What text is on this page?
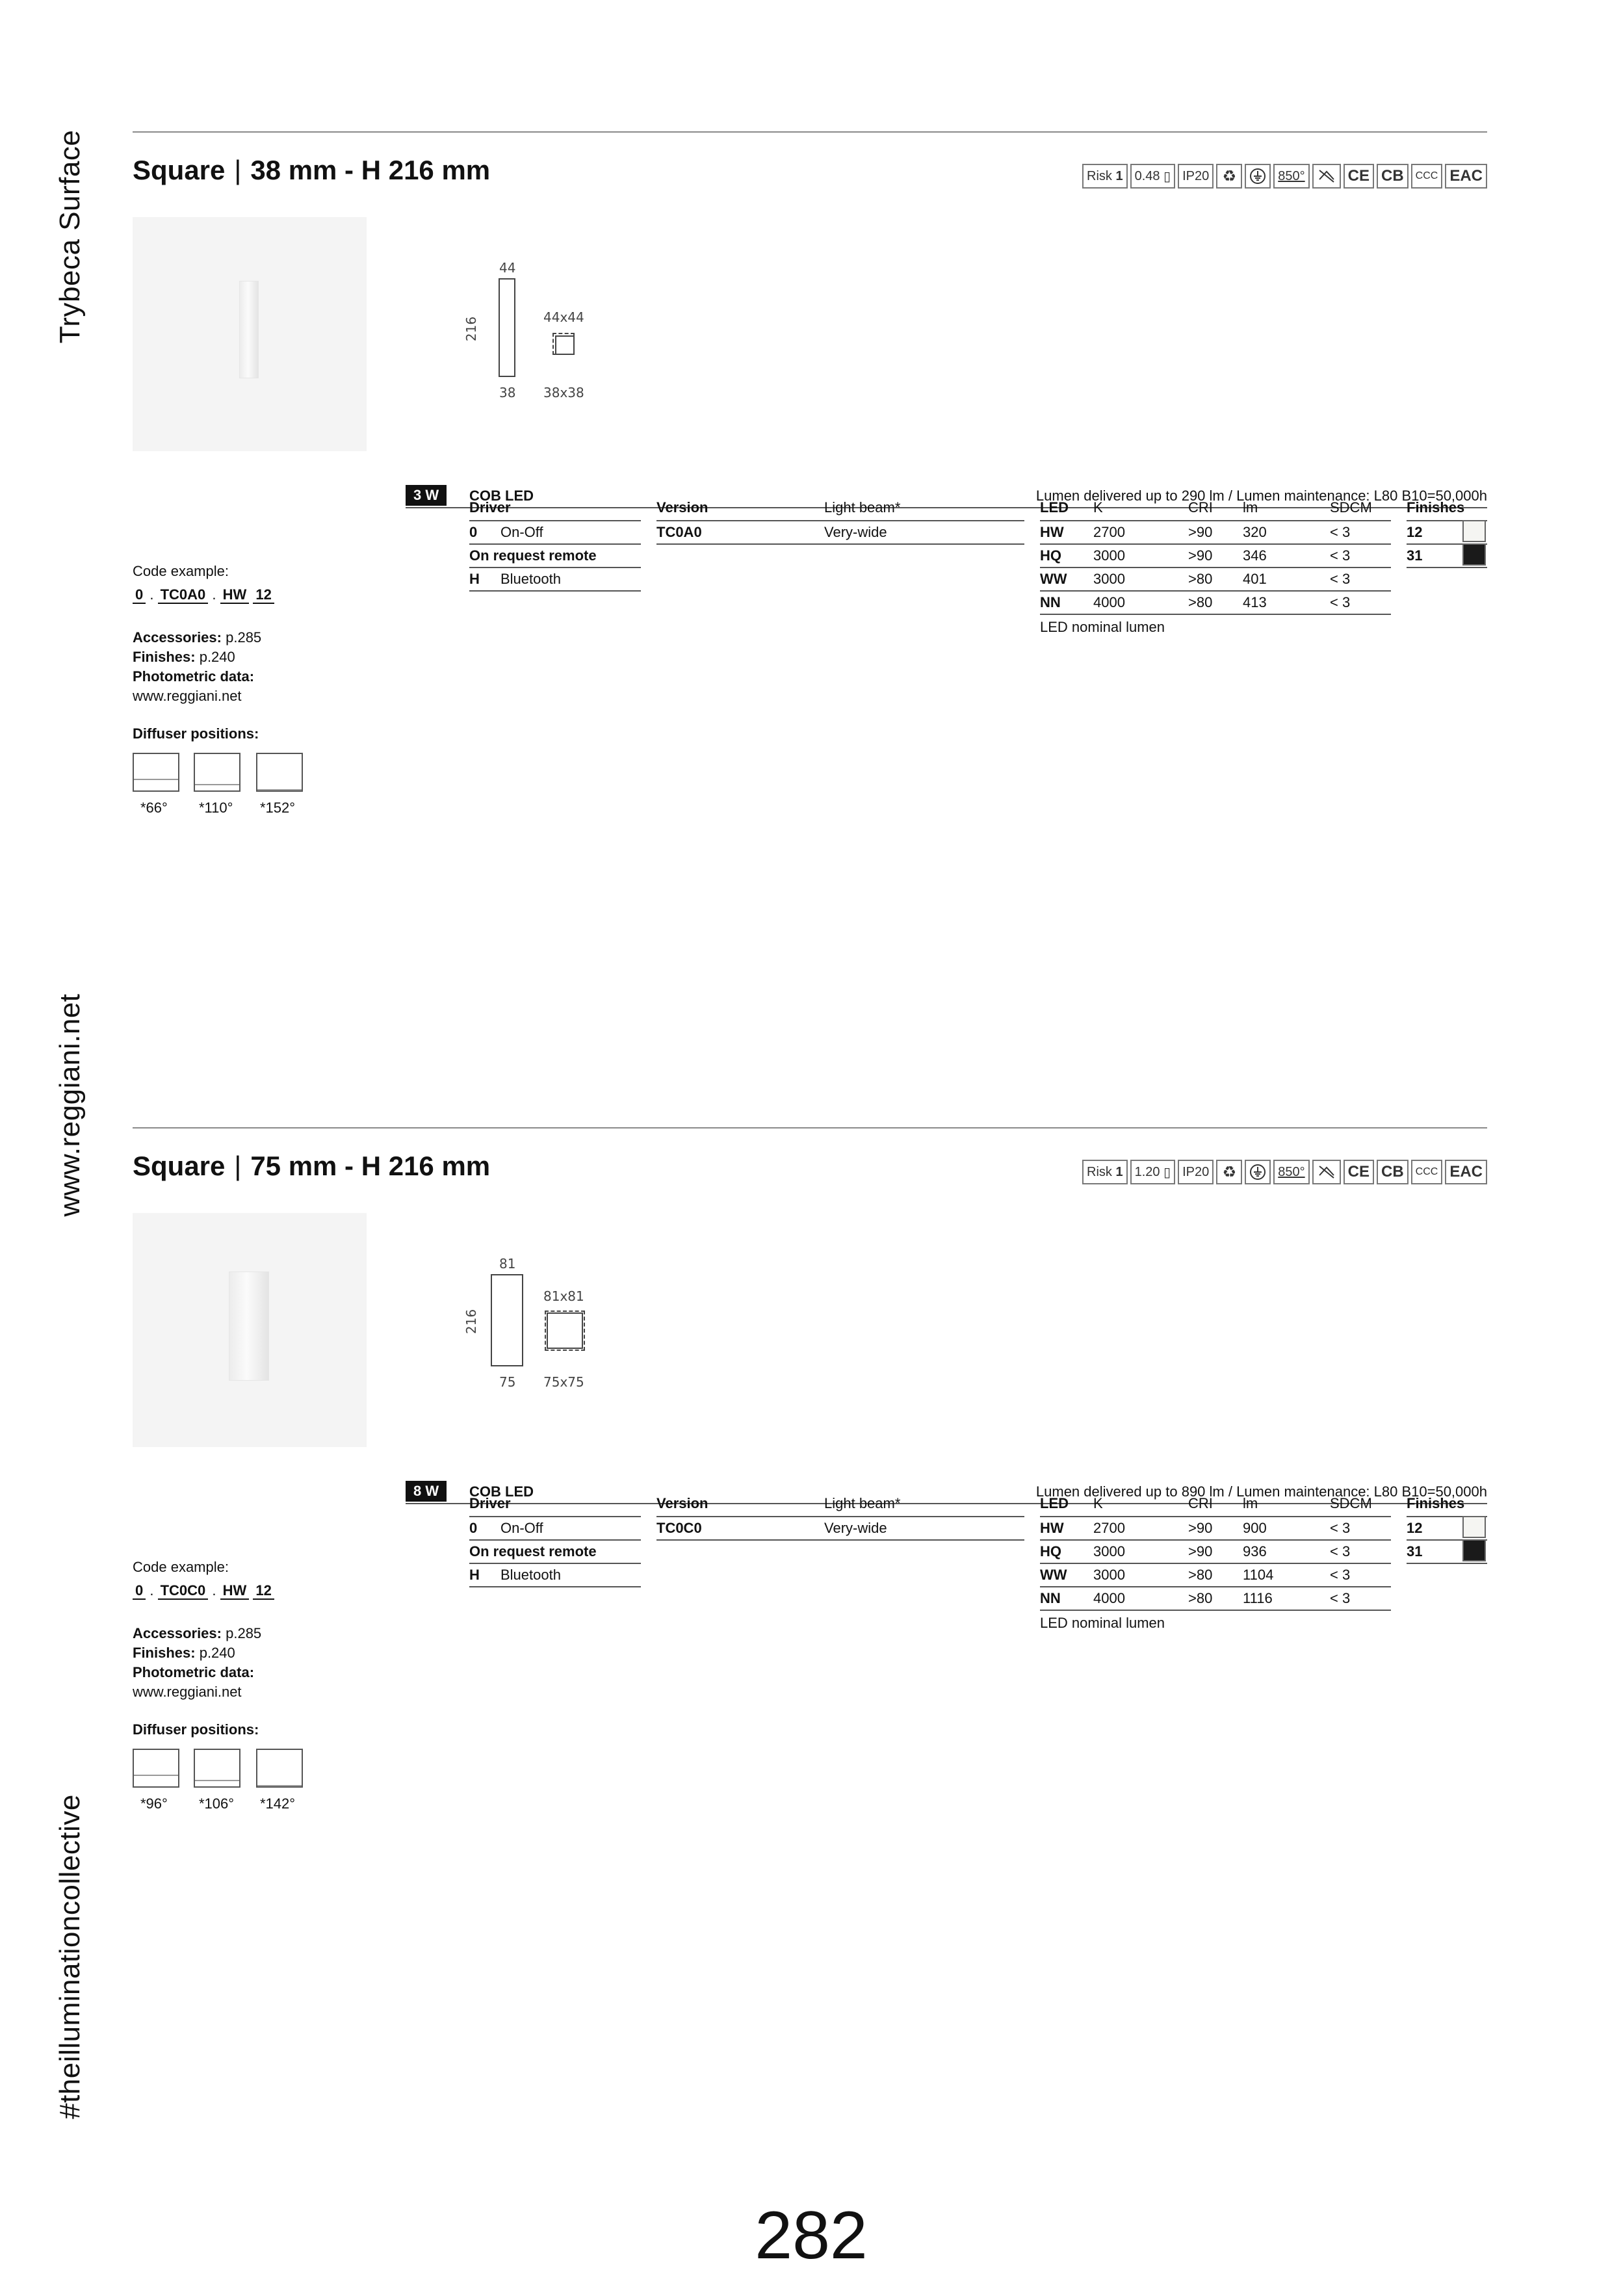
Trybeca Surface
www.reggiani.net
#theilluminationcollective
Square | 38 mm - H 216 mm	Risk
1 0.48
▯ IP20 ♻	850°	CE CB	CCC EAC
44
216
38
44x44
38x38
3 W	COB LED	Lumen delivered up to 290 lm / Lumen maintenance: L80 B10=50,000h
Driver
0 On-Off
On request remote
H Bluetooth
Version	Light beam*
TC0A0	Very-wide
LED K	CRI lm	SDCM
HW 2700	>90 320	< 3
HQ 3000	>90 346	< 3
WW 3000	>80 401	< 3
NN 4000	>80 413	< 3
LED nominal lumen
Finishes
12
31
Code example:
0 . TC0A0 . HW 12
Accessories: p.285
Finishes: p.240
Photometric data:
www.reggiani.net
Diffuser positions:
*66° *110° *152°
Square | 75 mm - H 216 mm	Risk
1 1.20
▯ IP20 ♻	850°	CE CB	CCC EAC
81
216
75
81x81
75x75
8 W	COB LED	Lumen delivered up to 890 lm / Lumen maintenance: L80 B10=50,000h
Driver
0 On-Off
On request remote
H Bluetooth
Version	Light beam*
TC0C0	Very-wide
LED K	CRI lm	SDCM
HW 2700	>90 900	< 3
HQ 3000	>90 936	< 3
WW 3000	>80 1104	< 3
NN 4000	>80 1116	< 3
LED nominal lumen
Finishes
12
31
Code example:
0 . TC0C0 . HW 12
Accessories: p.285
Finishes: p.240
Photometric data:
www.reggiani.net
Diffuser positions:
*96° *106° *142°
282
